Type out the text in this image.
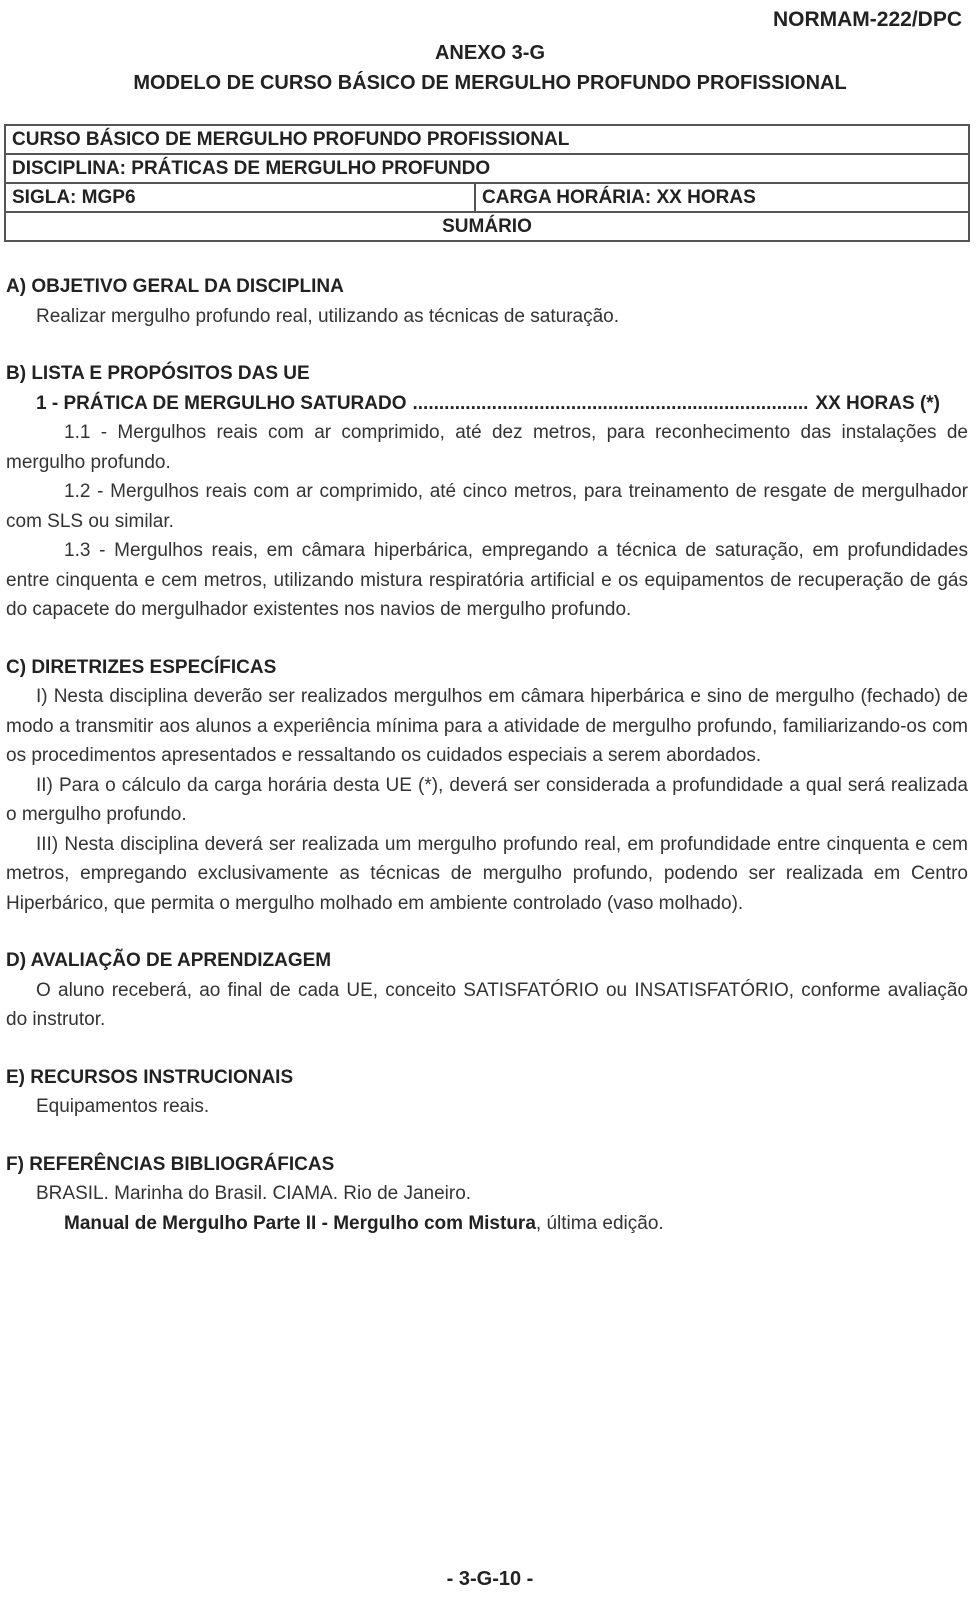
NORMAM-222/DPC
ANEXO 3-G
MODELO DE CURSO BÁSICO DE MERGULHO PROFUNDO PROFISSIONAL
CURSO BÁSICO DE MERGULHO PROFUNDO PROFISSIONAL
DISCIPLINA: PRÁTICAS DE MERGULHO PROFUNDO
SIGLA: MGP6	CARGA HORÁRIA: XX HORAS
SUMÁRIO

A) OBJETIVO GERAL DA DISCIPLINA

Realizar mergulho profundo real, utilizando as técnicas de saturação.

B) LISTA E PROPÓSITOS DAS UE

1 - PRÁTICA DE MERGULHO SATURADO
.....	XX HORAS (*)

1.1 - Mergulhos reais com ar comprimido, até dez metros, para reconhecimento das instalações de mergulho profundo.

1.2 - Mergulhos reais com ar comprimido, até cinco metros, para treinamento de resgate de mergulhador com SLS ou similar.

1.3 - Mergulhos reais, em câmara hiperbárica, empregando a técnica de saturação, em profundidades entre cinquenta e cem metros, utilizando mistura respiratória artificial e os equipamentos de recuperação de gás do capacete do mergulhador existentes nos navios de mergulho profundo.

C) DIRETRIZES ESPECÍFICAS

I) Nesta disciplina deverão ser realizados mergulhos em câmara hiperbárica e sino de mergulho (fechado) de modo a transmitir aos alunos a experiência mínima para a atividade de mergulho profundo, familiarizando-os com os procedimentos apresentados e ressaltando os cuidados especiais a serem abordados.

II) Para o cálculo da carga horária desta UE (*), deverá ser considerada a profundidade a qual será realizada o mergulho profundo.

III) Nesta disciplina deverá ser realizada um mergulho profundo real, em profundidade entre cinquenta e cem metros, empregando exclusivamente as técnicas de mergulho profundo, podendo ser realizada em Centro Hiperbárico, que permita o mergulho molhado em ambiente controlado (vaso molhado).

D) AVALIAÇÃO DE APRENDIZAGEM

O aluno receberá, ao final de cada UE, conceito SATISFATÓRIO ou INSATISFATÓRIO, conforme avaliação do instrutor.

E) RECURSOS INSTRUCIONAIS

Equipamentos reais.

F) REFERÊNCIAS BIBLIOGRÁFICAS

BRASIL. Marinha do Brasil. CIAMA. Rio de Janeiro.

Manual de Mergulho Parte II - Mergulho com Mistura, última edição.

- 3-G-10 -
